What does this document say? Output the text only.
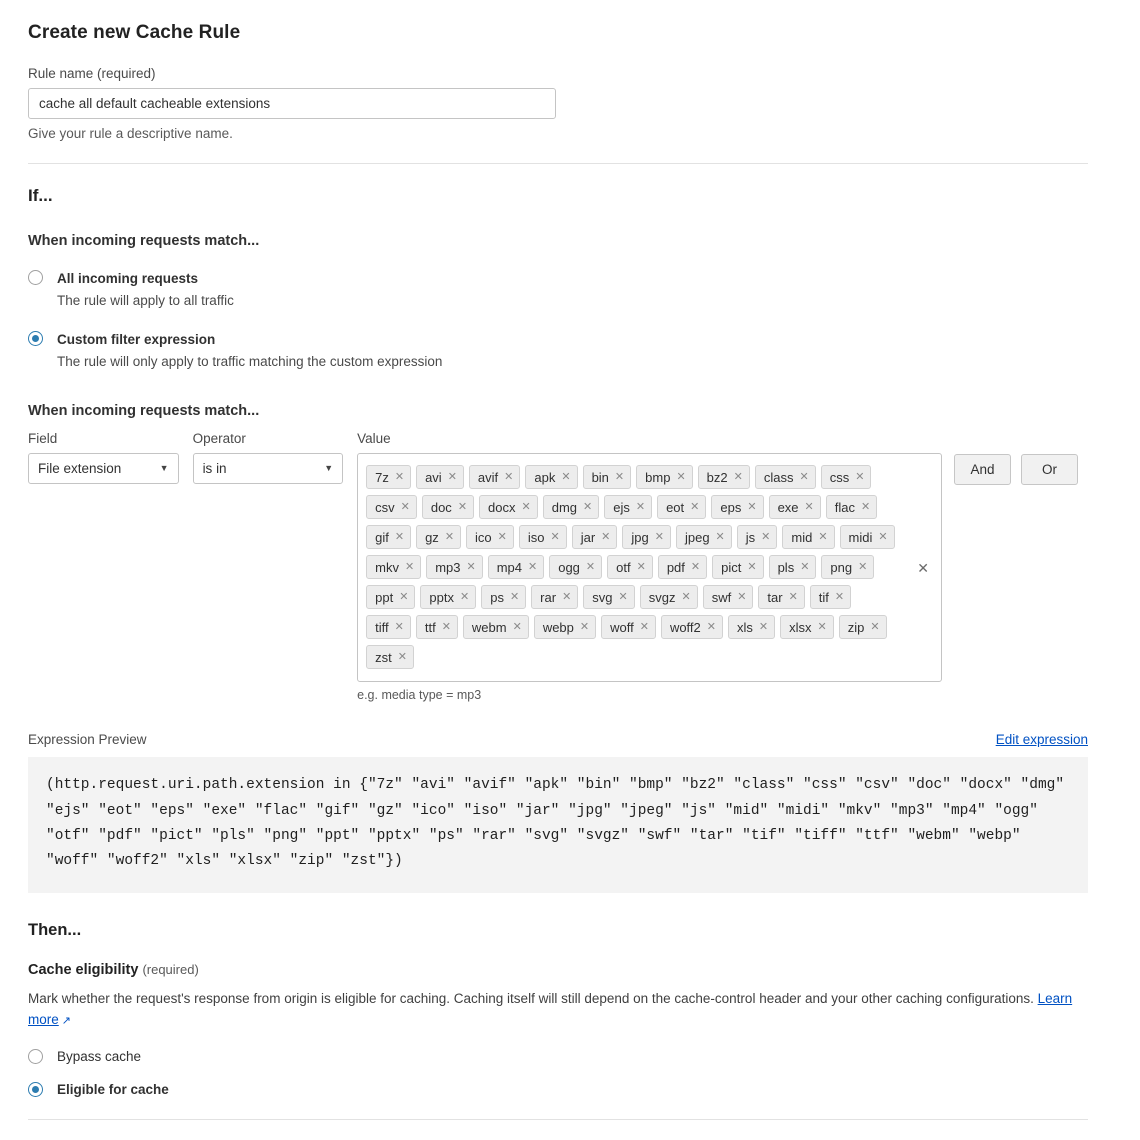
Create new Cache Rule
Rule name (required)
cache all default cacheable extensions
Give your rule a descriptive name.
If...
When incoming requests match...
All incoming requests
The rule will apply to all traffic
Custom filter expression
The rule will only apply to traffic matching the custom expression
When incoming requests match...
Field
File extension	▼
Operator
is in	▼
Value
7z ✕ avi ✕ avif ✕ apk ✕ bin ✕ bmp ✕ bz2 ✕ class ✕ css ✕
csv ✕ doc ✕ docx ✕ dmg ✕ ejs ✕ eot ✕ eps ✕ exe ✕ flac ✕
gif ✕ gz ✕ ico ✕ iso ✕ jar ✕ jpg ✕ jpeg ✕ js ✕ mid ✕ midi ✕
mkv ✕ mp3 ✕ mp4 ✕ ogg ✕ otf ✕ pdf ✕ pict ✕ pls ✕ png ✕
ppt ✕ pptx ✕ ps ✕ rar ✕ svg ✕ svgz ✕ swf ✕ tar ✕ tif ✕
tiff ✕ ttf ✕ webm ✕ webp ✕ woff ✕ woff2 ✕ xls ✕ xlsx ✕ zip ✕
zst ✕
✕
e.g. media type = mp3
And	Or
Expression Preview	Edit expression
(http.request.uri.path.extension in {"7z" "avi" "avif" "apk" "bin" "bmp" "bz2" "class" "css" "csv" "doc" "docx" "dmg" "ejs" "eot" "eps" "exe" "flac" "gif" "gz" "ico" "iso" "jar" "jpg" "jpeg" "js" "mid" "midi" "mkv" "mp3" "mp4" "ogg" "otf" "pdf" "pict" "pls" "png" "ppt" "pptx" "ps" "rar" "svg" "svgz" "swf" "tar" "tif" "tiff" "ttf" "webm" "webp" "woff" "woff2" "xls" "xlsx" "zip" "zst"})
Then...
Cache eligibility (required)
Mark whether the request's response from origin is eligible for caching. Caching itself will still depend on the cache-control header and your other caching configurations. Learn more ↗
Bypass cache
Eligible for cache
